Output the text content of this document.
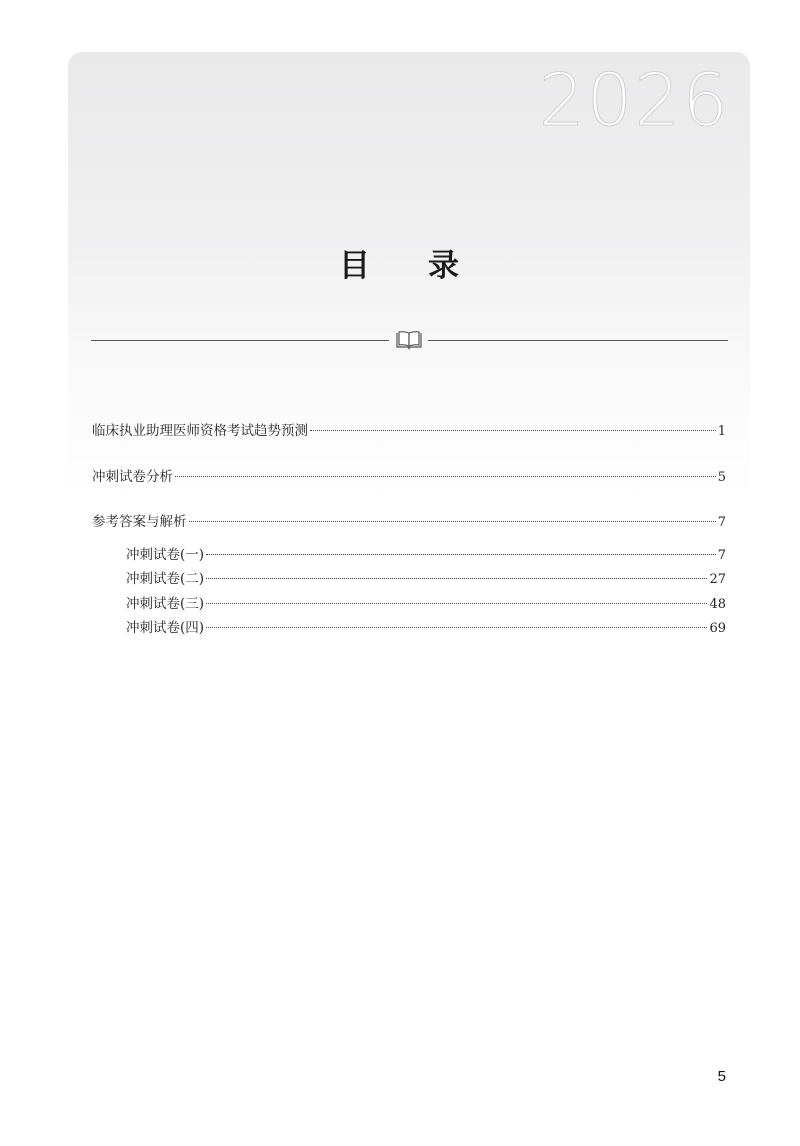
2026
目 录
临床执业助理医师资格考试趋势预测	1
冲刺试卷分析	5
参考答案与解析	7
冲刺试卷(一)	7
冲刺试卷(二)	27
冲刺试卷(三)	48
冲刺试卷(四)	69
5
